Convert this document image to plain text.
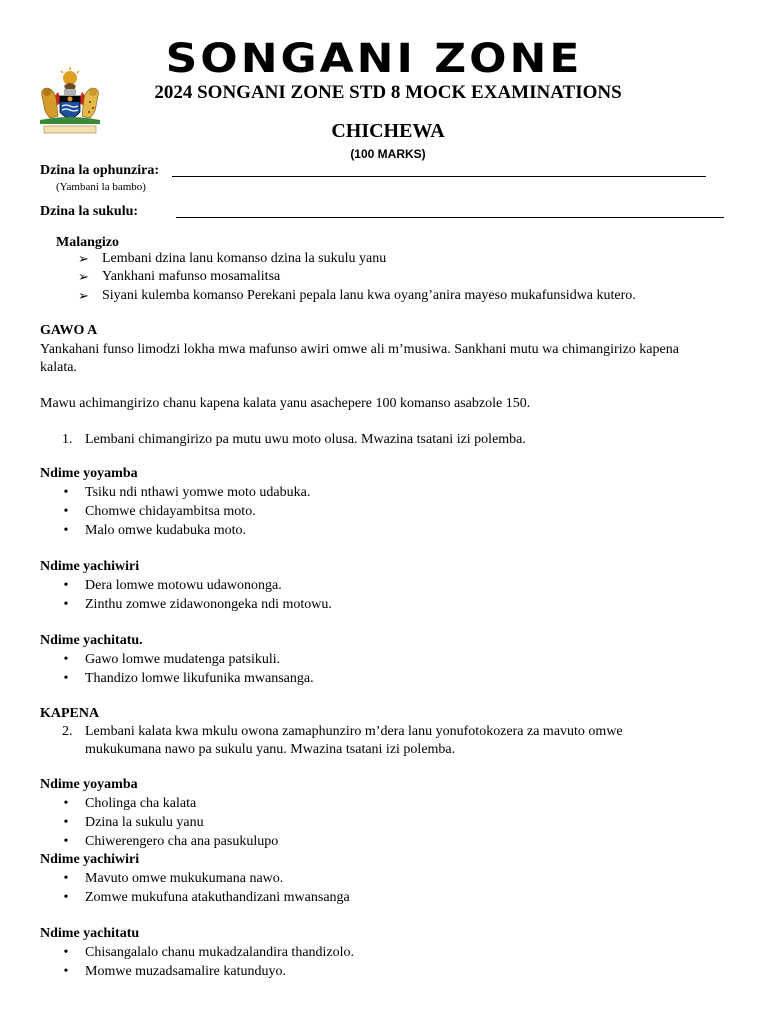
SONGANI ZONE
2024 SONGANI ZONE STD 8 MOCK EXAMINATIONS
CHICHEWA
(100 MARKS)
Dzina la ophunzira:
(Yambani la bambo)
Dzina la sukulu:
Malangizo
➢ Lembani dzina lanu komanso dzina la sukulu yanu
➢ Yankhani mafunso mosamalitsa
➢ Siyani kulemba komanso Perekani pepala lanu kwa oyang’anira mayeso mukafunsidwa kutero.
GAWO A
Yankahani funso limodzi lokha mwa mafunso awiri omwe ali m’musiwa. Sankhani mutu wa chimangirizo kapena
kalata.
Mawu achimangirizo chanu kapena kalata yanu asachepere 100 komanso asabzole 150.
1. Lembani chimangirizo pa mutu uwu moto olusa. Mwazina tsatani izi polemba.
Ndime yoyamba
• Tsiku ndi nthawi yomwe moto udabuka.
• Chomwe chidayambitsa moto.
• Malo omwe kudabuka moto.
Ndime yachiwiri
• Dera lomwe motowu udawononga.
• Zinthu zomwe zidawonongeka ndi motowu.
Ndime yachitatu.
• Gawo lomwe mudatenga patsikuli.
• Thandizo lomwe likufunika mwansanga.
KAPENA
2. Lembani kalata kwa mkulu owona zamaphunziro m’dera lanu yonufotokozera za mavuto omwe
mukukumana nawo pa sukulu yanu. Mwazina tsatani izi polemba.
Ndime yoyamba
• Cholinga cha kalata
• Dzina la sukulu yanu
• Chiwerengero cha ana pasukulupo
Ndime yachiwiri
• Mavuto omwe mukukumana nawo.
• Zomwe mukufuna atakuthandizani mwansanga
Ndime yachitatu
• Chisangalalo chanu mukadzalandira thandizolo.
• Momwe muzadsamalire katunduyo.
